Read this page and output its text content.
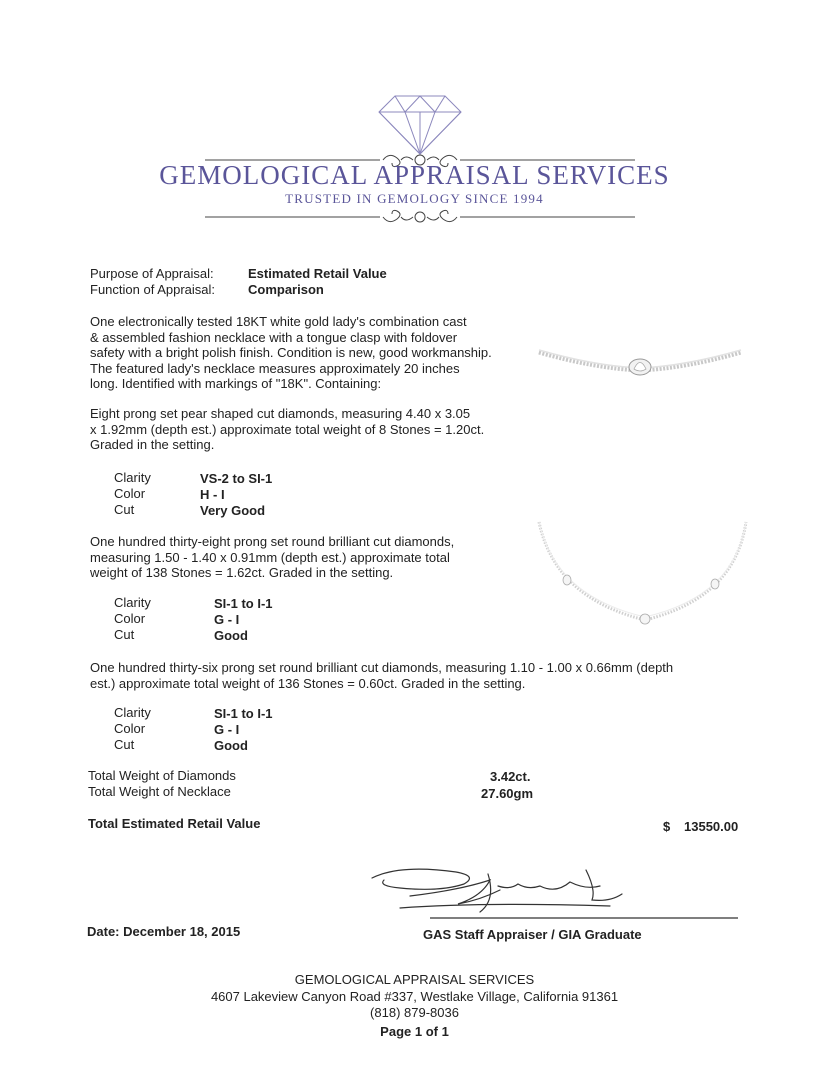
GEMOLOGICAL APPRAISAL SERVICES
TRUSTED IN GEMOLOGY SINCE 1994
Purpose of Appraisal:	Estimated Retail Value
Function of Appraisal:	Comparison
One electronically tested 18KT white gold lady's combination cast
& assembled fashion necklace with a tongue clasp with foldover
safety with a bright polish finish. Condition is new, good workmanship.
The featured lady's necklace measures approximately 20 inches
long. Identified with markings of "18K". Containing:
Eight prong set pear shaped cut diamonds, measuring 4.40 x 3.05
x 1.92mm (depth est.) approximate total weight of 8 Stones = 1.20ct.
Graded in the setting.
Clarity	VS-2 to SI-1
Color	H - I
Cut	Very Good
One hundred thirty-eight prong set round brilliant cut diamonds,
measuring 1.50 - 1.40 x 0.91mm (depth est.) approximate total
weight of 138 Stones = 1.62ct. Graded in the setting.
Clarity	SI-1 to I-1
Color	G - I
Cut	Good
One hundred thirty-six prong set round brilliant cut diamonds, measuring 1.10 - 1.00 x 0.66mm (depth
est.) approximate total weight of 136 Stones = 0.60ct. Graded in the setting.
Clarity	SI-1 to I-1
Color	G - I
Cut	Good
Total Weight of Diamonds	3.42ct.
Total Weight of Necklace	27.60gm
Total Estimated Retail Value	$ 13550.00
Date: December 18, 2015	GAS Staff Appraiser / GIA Graduate
GEMOLOGICAL APPRAISAL SERVICES
4607 Lakeview Canyon Road #337, Westlake Village, California 91361
(818) 879-8036
Page 1 of 1
